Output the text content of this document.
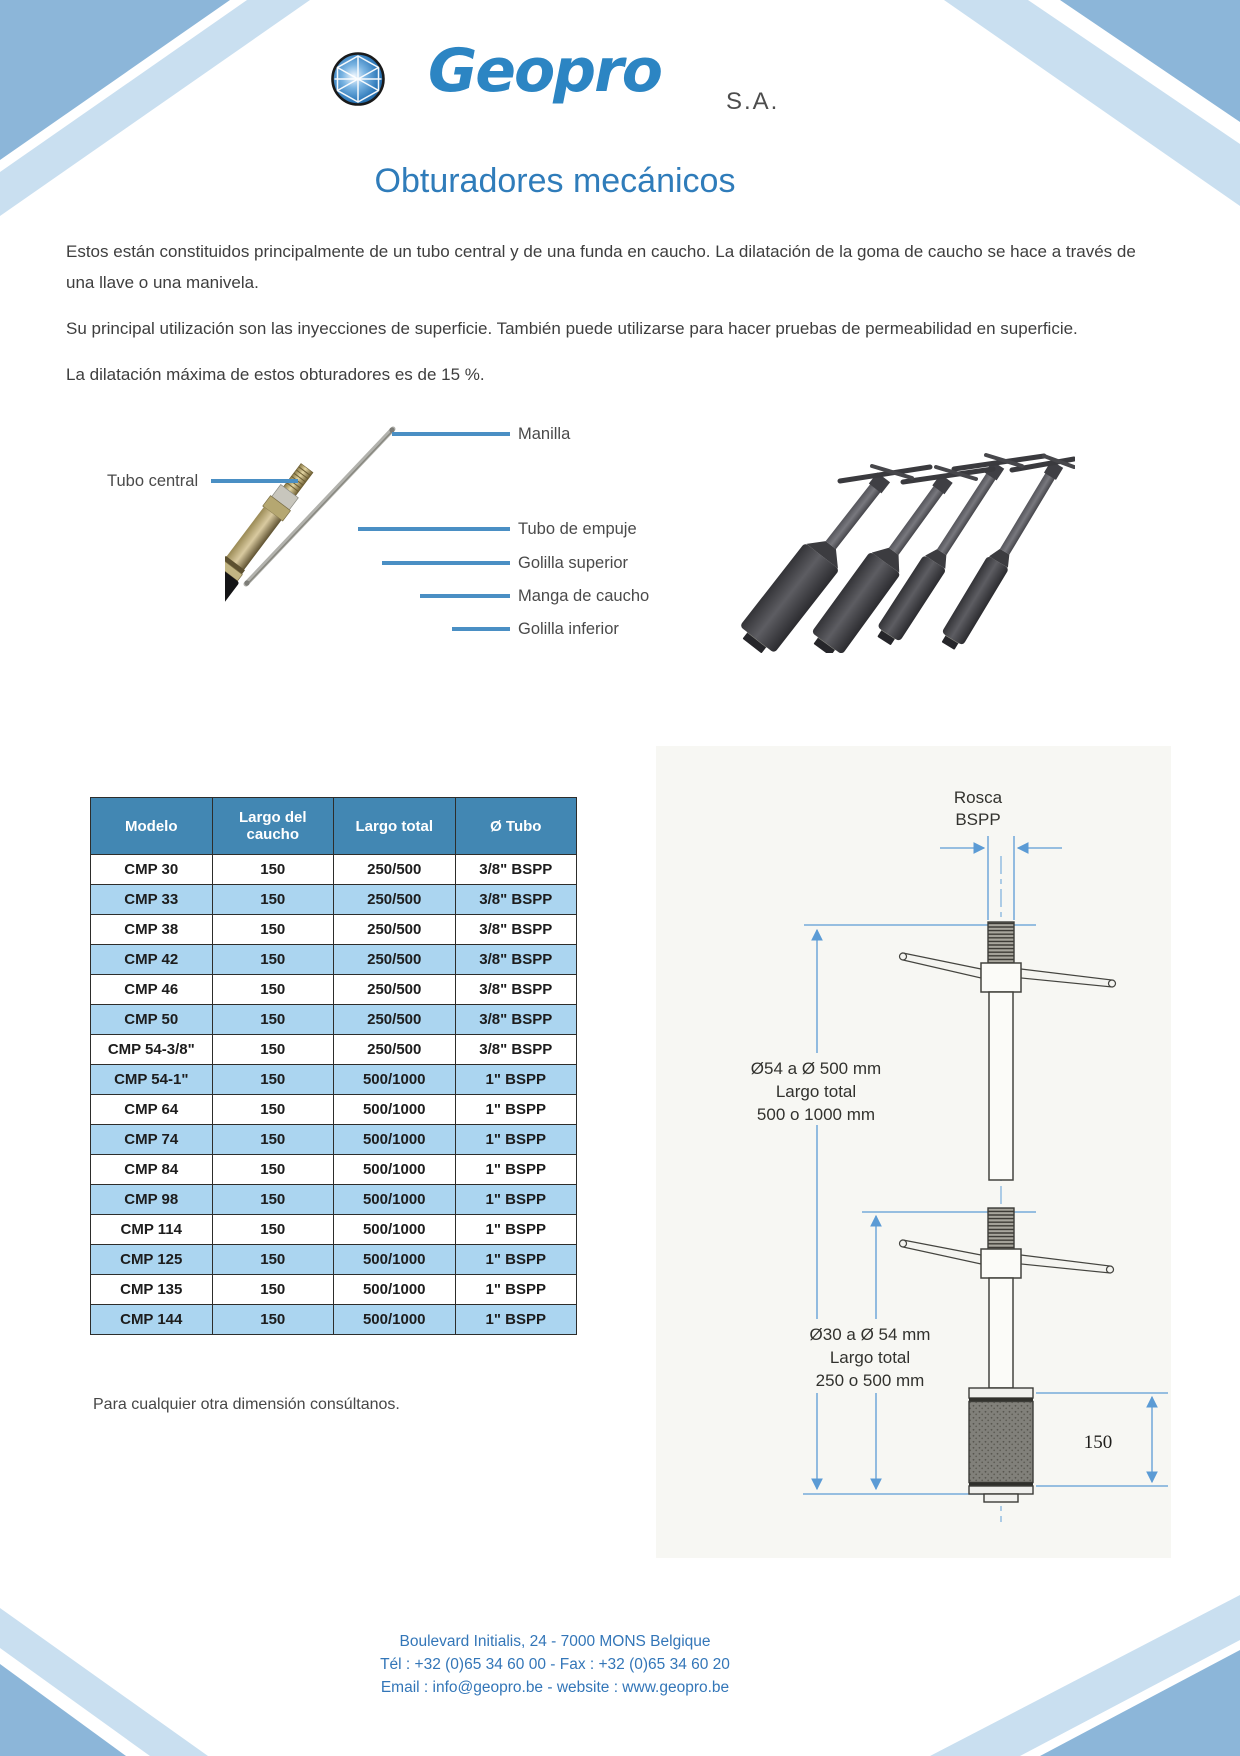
Geopro	S.A.
Obturadores mecánicos

Estos están constituidos principalmente de un tubo central y de una funda en caucho. La dilatación de la goma de caucho se hace a través de una llave o una manivela.

Su principal utilización son las inyecciones de superficie. También puede utilizarse para hacer pruebas de permeabilidad en superficie.

La dilatación máxima de estos obturadores es de 15 %.

Manilla
Tubo central
Tubo de empuje
Golilla superior
Manga de caucho
Golilla inferior
Modelo	Largo del caucho	Largo total	Ø Tubo
CMP 30	150	250/500	3/8" BSPP
CMP 33	150	250/500	3/8" BSPP
CMP 38	150	250/500	3/8" BSPP
CMP 42	150	250/500	3/8" BSPP
CMP 46	150	250/500	3/8" BSPP
CMP 50	150	250/500	3/8" BSPP
CMP 54-3/8"	150	250/500	3/8" BSPP
CMP 54-1"	150	500/1000	1" BSPP
CMP 64	150	500/1000	1" BSPP
CMP 74	150	500/1000	1" BSPP
CMP 84	150	500/1000	1" BSPP
CMP 98	150	500/1000	1" BSPP
CMP 114	150	500/1000	1" BSPP
CMP 125	150	500/1000	1" BSPP
CMP 135	150	500/1000	1" BSPP
CMP 144	150	500/1000	1" BSPP
Para cualquier otra dimensión consúltanos.
Rosca
BSPP
Ø54 a Ø 500 mm
Largo total
500 o 1000 mm
Ø30 a Ø 54 mm
Largo total
250 o 500 mm
150
Boulevard Initialis, 24 - 7000 MONS Belgique
Tél : +32 (0)65 34 60 00 - Fax : +32 (0)65 34 60 20
Email : info@geopro.be - website : www.geopro.be
